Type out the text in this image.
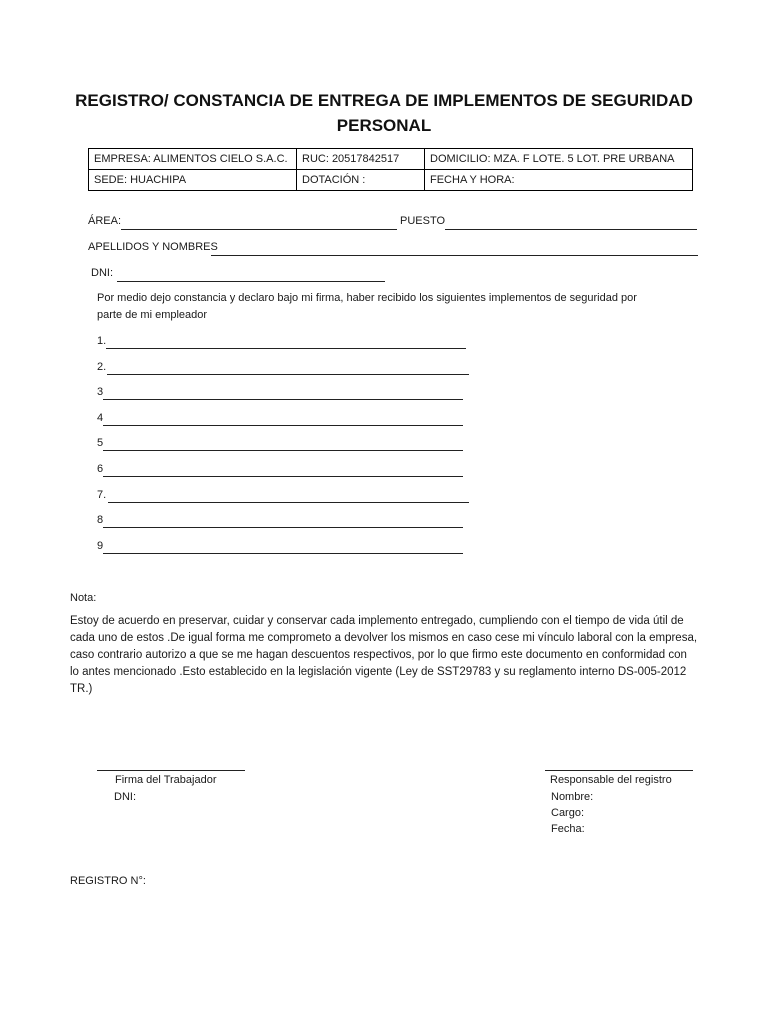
REGISTRO/ CONSTANCIA DE ENTREGA DE IMPLEMENTOS DE SEGURIDAD
PERSONAL
EMPRESA: ALIMENTOS CIELO S.A.C.	RUC: 20517842517	DOMICILIO: MZA. F LOTE. 5 LOT. PRE URBANA
SEDE: HUACHIPA	DOTACIÓN :	FECHA Y HORA:
ÁREA:	PUESTO
APELLIDOS Y NOMBRES
DNI:
Por medio dejo constancia y declaro bajo mi firma, haber recibido los siguientes implementos de seguridad por
parte de mi empleador
1.
2.
3
4
5
6
7.
8
9
Nota:
Estoy de acuerdo en preservar, cuidar y conservar cada implemento entregado, cumpliendo con el tiempo de vida útil de
cada uno de estos .De igual forma me comprometo a devolver los mismos en caso cese mi vínculo laboral con la empresa,
caso contrario autorizo a que se me hagan descuentos respectivos, por lo que firmo este documento en conformidad con
lo antes mencionado .Esto establecido en la legislación vigente (Ley de SST29783 y su reglamento interno DS-005-2012
TR.)
Firma del Trabajador
DNI:
Responsable del registro
Nombre:
Cargo:
Fecha:
REGISTRO N°:
